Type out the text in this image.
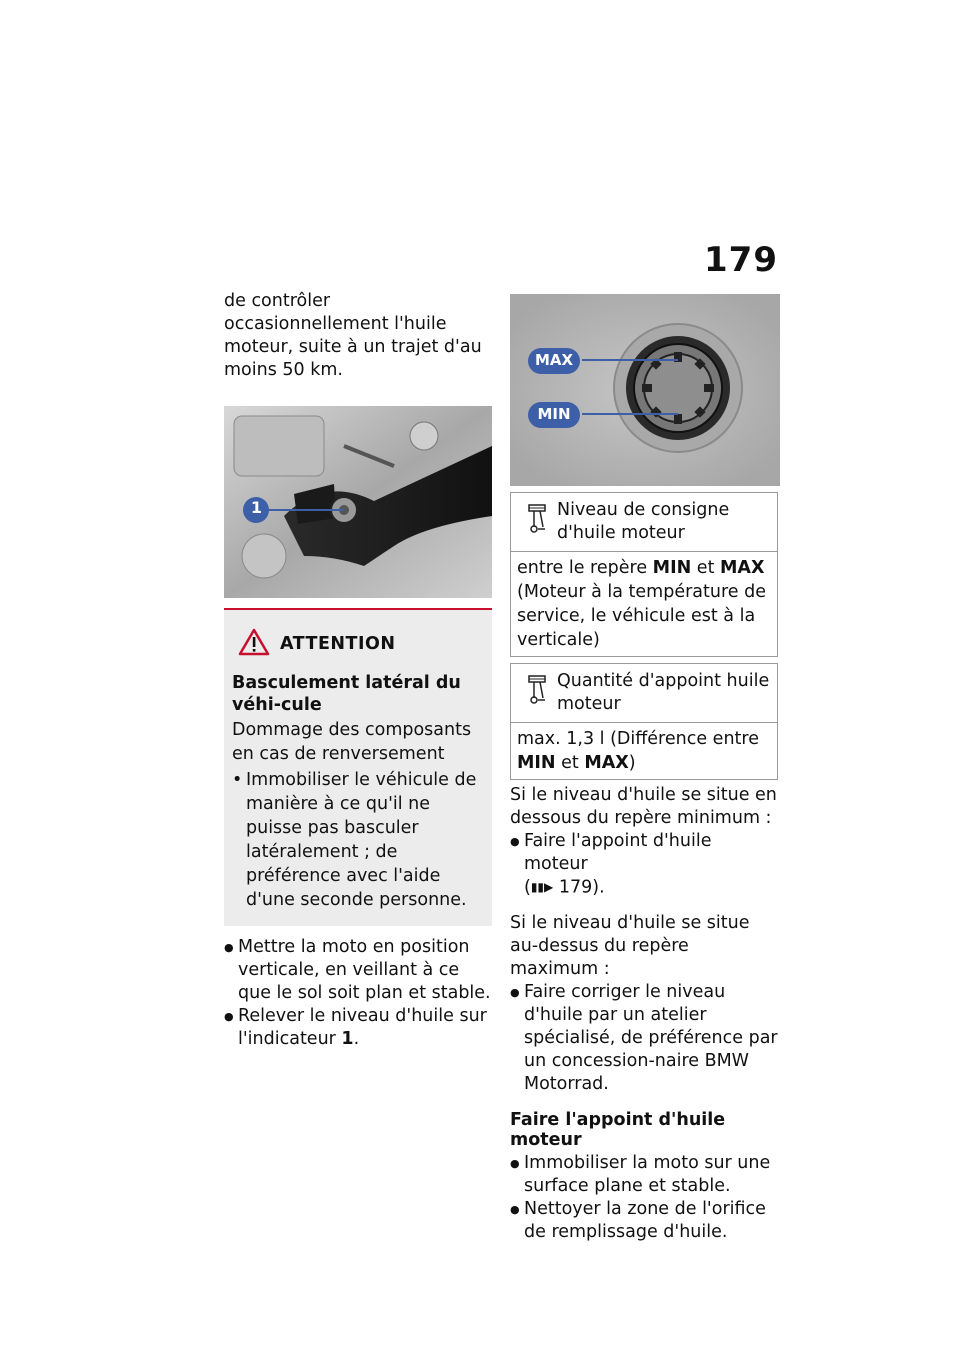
179

de contrôler occasionnellement l'huile moteur, suite à un trajet d'au moins 50 km.

1
ATTENTION

Basculement latéral du véhi-cule

Dommage des composants en cas de renversement

• Immobiliser le véhicule de manière à ce qu'il ne puisse pas basculer latéralement ; de préférence avec l'aide d'une seconde personne.
● Mettre la moto en position verticale, en veillant à ce que le sol soit plan et stable.
● Relever le niveau d'huile sur l'indicateur 1.
MAX
MIN
Niveau de consigne d'huile moteur
entre le repère MIN et MAX (Moteur à la température de service, le véhicule est à la verticale)
Quantité d'appoint huile moteur
max. 1,3 l (Différence entre MIN et MAX)

Si le niveau d'huile se situe en dessous du repère minimum :

● Faire l'appoint d'huile moteur
(▮▮▶ 179).

Si le niveau d'huile se situe au-dessus du repère maximum :

● Faire corriger le niveau d'huile par un atelier spécialisé, de préférence par un concession-naire BMW Motorrad.

Faire l'appoint d'huile moteur

● Immobiliser la moto sur une surface plane et stable.
● Nettoyer la zone de l'orifice de remplissage d'huile.
